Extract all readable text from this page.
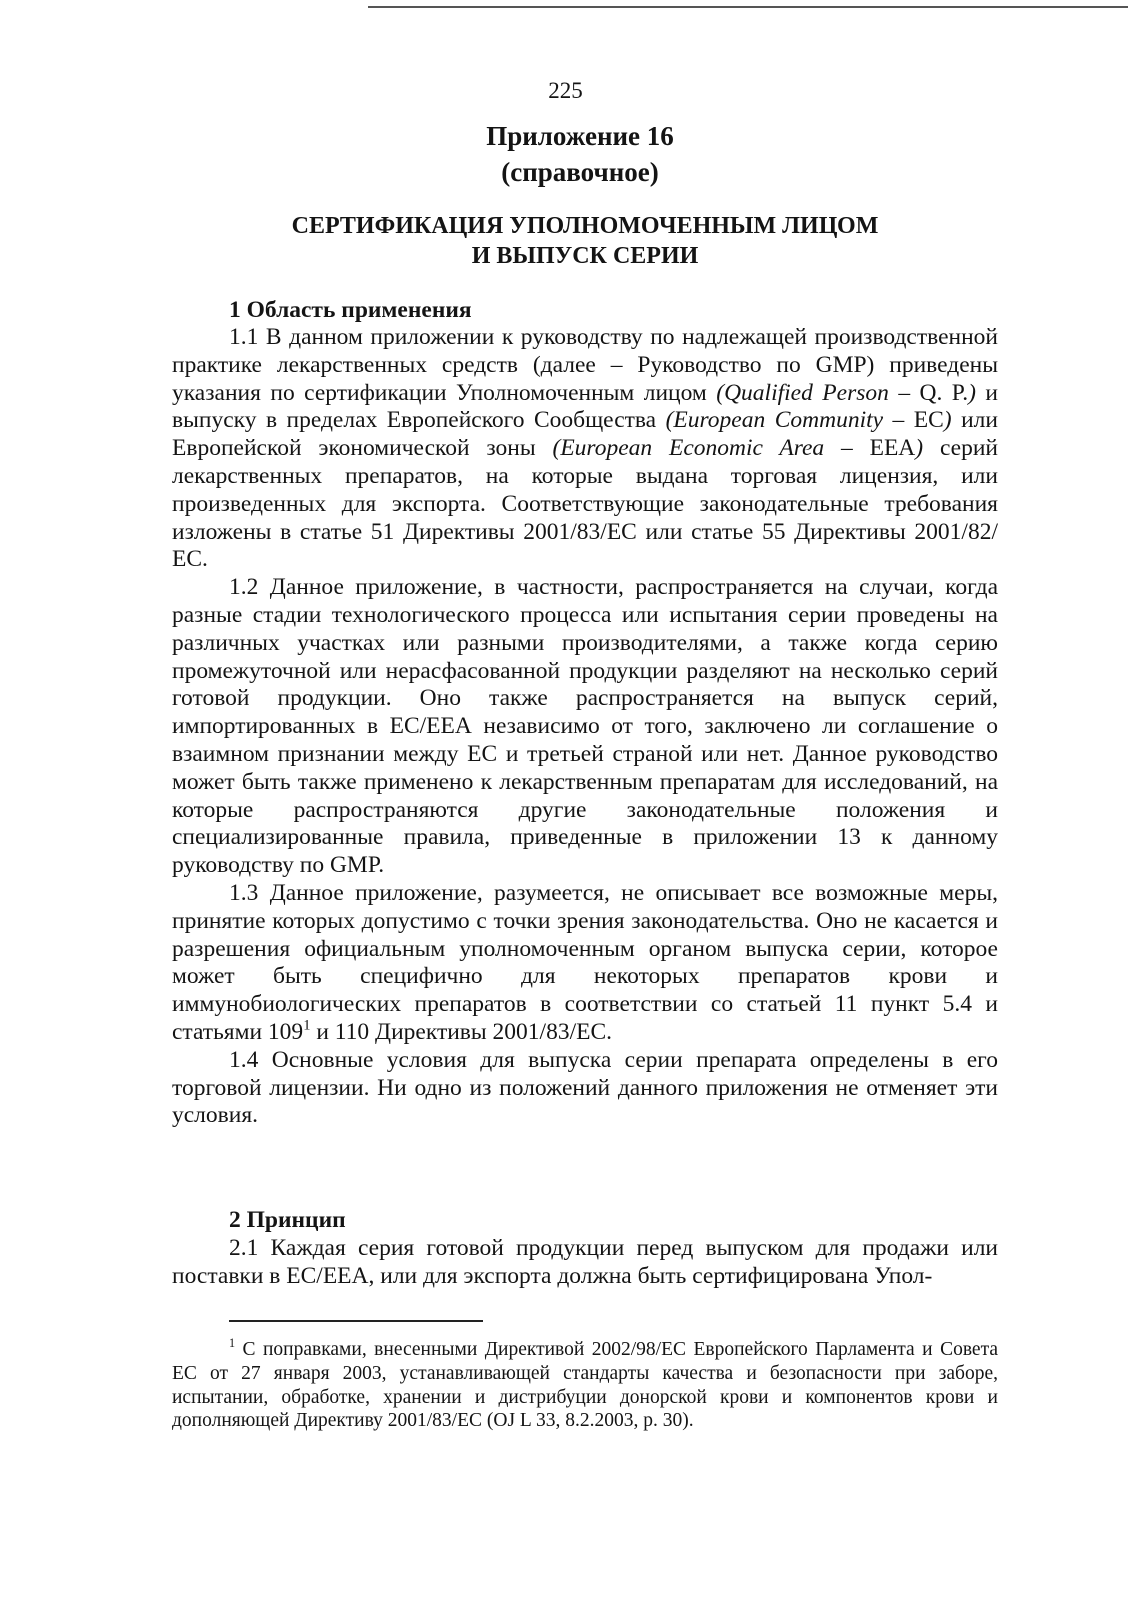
225
Приложение 16
(справочное)
СЕРТИФИКАЦИЯ УПОЛНОМОЧЕННЫМ ЛИЦОМ
И ВЫПУСК СЕРИИ
1 Область применения

1.1 В данном приложении к руководству по надлежащей производственной практике лекарственных средств (далее – Руководство по GMP) приведены указания по сертификации Уполномоченным лицом (Qualified Person – Q. P.) и выпуску в пределах Европейского Сообщества (European Community – EC) или Европейской экономической зоны (European Economic Area – EEA) серий лекарственных препаратов, на которые выдана торговая лицензия, или произведенных для экспорта. Соответствующие законодательные требования изложены в статье 51 Директивы 2001/83/ЕС или статье 55 Директивы 2001/82/ЕС.

1.2 Данное приложение, в частности, распространяется на случаи, когда разные стадии технологического процесса или испытания серии проведены на различных участках или разными производителями, а также когда серию промежуточной или нерасфасованной продукции разделяют на несколько серий готовой продукции. Оно также распространяется на выпуск серий, импортированных в ЕС/ЕЕА независимо от того, заключено ли соглашение о взаимном признании между ЕС и третьей страной или нет. Данное руководство может быть также применено к лекарственным препаратам для исследований, на которые распространяются другие законодательные положения и специализированные правила, приведенные в приложении 13 к данному руководству по GMP.

1.3 Данное приложение, разумеется, не описывает все возможные меры, принятие которых допустимо с точки зрения законодательства. Оно не касается и разрешения официальным уполномоченным органом выпуска серии, которое может быть специфично для некоторых препаратов крови и иммунобиологических препаратов в соответствии со статьей 11 пункт 5.4 и статьями $109^1$ и 110 Директивы 2001/83/ЕС.

1.4 Основные условия для выпуска серии препарата определены в его торговой лицензии. Ни одно из положений данного приложения не отменяет эти условия.

2 Принцип

2.1 Каждая серия готовой продукции перед выпуском для продажи или поставки в ЕС/ЕЕА, или для экспорта должна быть сертифицирована Упол-

$^1$ С поправками, внесенными Директивой 2002/98/ЕС Европейского Парламента и Совета ЕС от 27 января 2003, устанавливающей стандарты качества и безопасности при заборе, испытании, обработке, хранении и дистрибуции донорской крови и компонентов крови и дополняющей Директиву 2001/83/ЕС (OJ L 33, 8.2.2003, р. 30).
